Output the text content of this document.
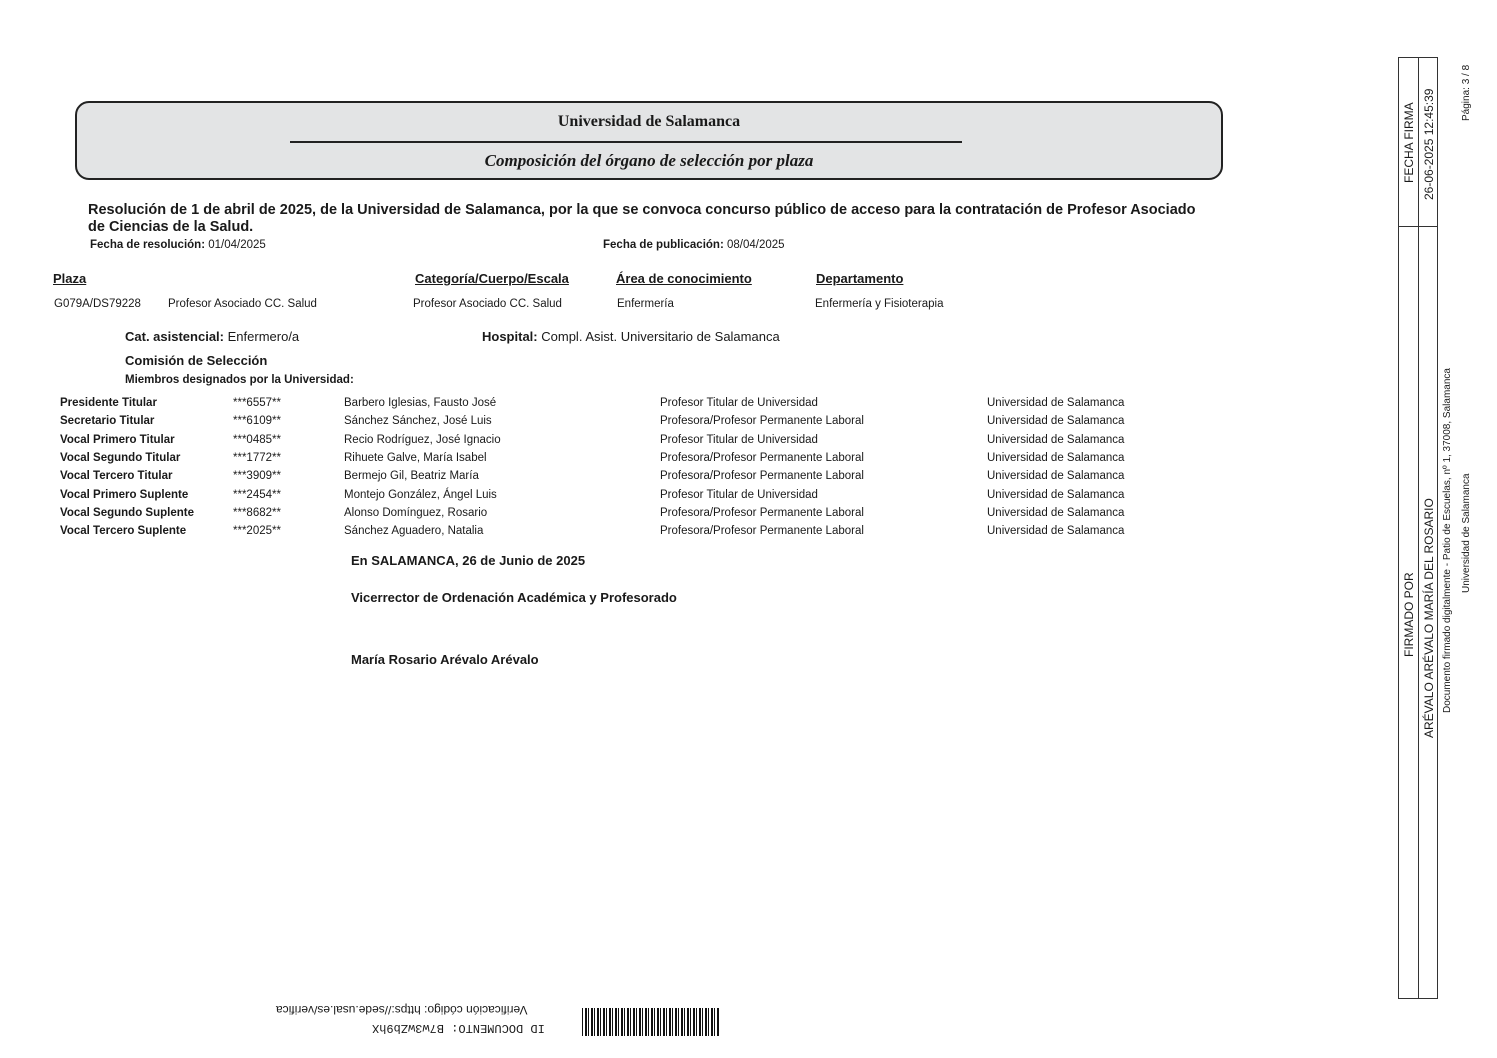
Universidad de Salamanca
Composición del órgano de selección por plaza
Resolución de 1 de abril de 2025, de la Universidad de Salamanca, por la que se convoca concurso público de acceso para la contratación de Profesor Asociado de Ciencias de la Salud.
Fecha de resolución: 01/04/2025	Fecha de publicación: 08/04/2025
Plaza	Categoría/Cuerpo/Escala	Área de conocimiento	Departamento
G079A/DS79228 Profesor Asociado CC. Salud	Profesor Asociado CC. Salud	Enfermería	Enfermería y Fisioterapia
Cat. asistencial: Enfermero/a	Hospital: Compl. Asist. Universitario de Salamanca
Comisión de Selección
Miembros designados por la Universidad:
Presidente Titular	***6557**	Barbero Iglesias, Fausto José	Profesor Titular de Universidad	Universidad de Salamanca
Secretario Titular	***6109**	Sánchez Sánchez, José Luis	Profesora/Profesor Permanente Laboral	Universidad de Salamanca
Vocal Primero Titular	***0485**	Recio Rodríguez, José Ignacio	Profesor Titular de Universidad	Universidad de Salamanca
Vocal Segundo Titular	***1772**	Rihuete Galve, María Isabel	Profesora/Profesor Permanente Laboral	Universidad de Salamanca
Vocal Tercero Titular	***3909**	Bermejo Gil, Beatriz María	Profesora/Profesor Permanente Laboral	Universidad de Salamanca
Vocal Primero Suplente	***2454**	Montejo González, Ángel Luis	Profesor Titular de Universidad	Universidad de Salamanca
Vocal Segundo Suplente	***8682**	Alonso Domínguez, Rosario	Profesora/Profesor Permanente Laboral	Universidad de Salamanca
Vocal Tercero Suplente	***2025**	Sánchez Aguadero, Natalia	Profesora/Profesor Permanente Laboral	Universidad de Salamanca
En SALAMANCA, 26 de Junio de 2025
Vicerrector de Ordenación Académica y Profesorado
María Rosario Arévalo Arévalo
FECHA FIRMA 26-06-2025 12:45:39
FIRMADO POR ARÉVALO ARÉVALO MARÍA DEL ROSARIO Documento firmado digitalmente - Patio de Escuelas, nº 1, 37008, Salamanca Universidad de Salamanca
Página: 3 / 8
Verificación código: https://sede.usal.es/verifica
ID DOCUMENTO: B7w3wZb9hX
